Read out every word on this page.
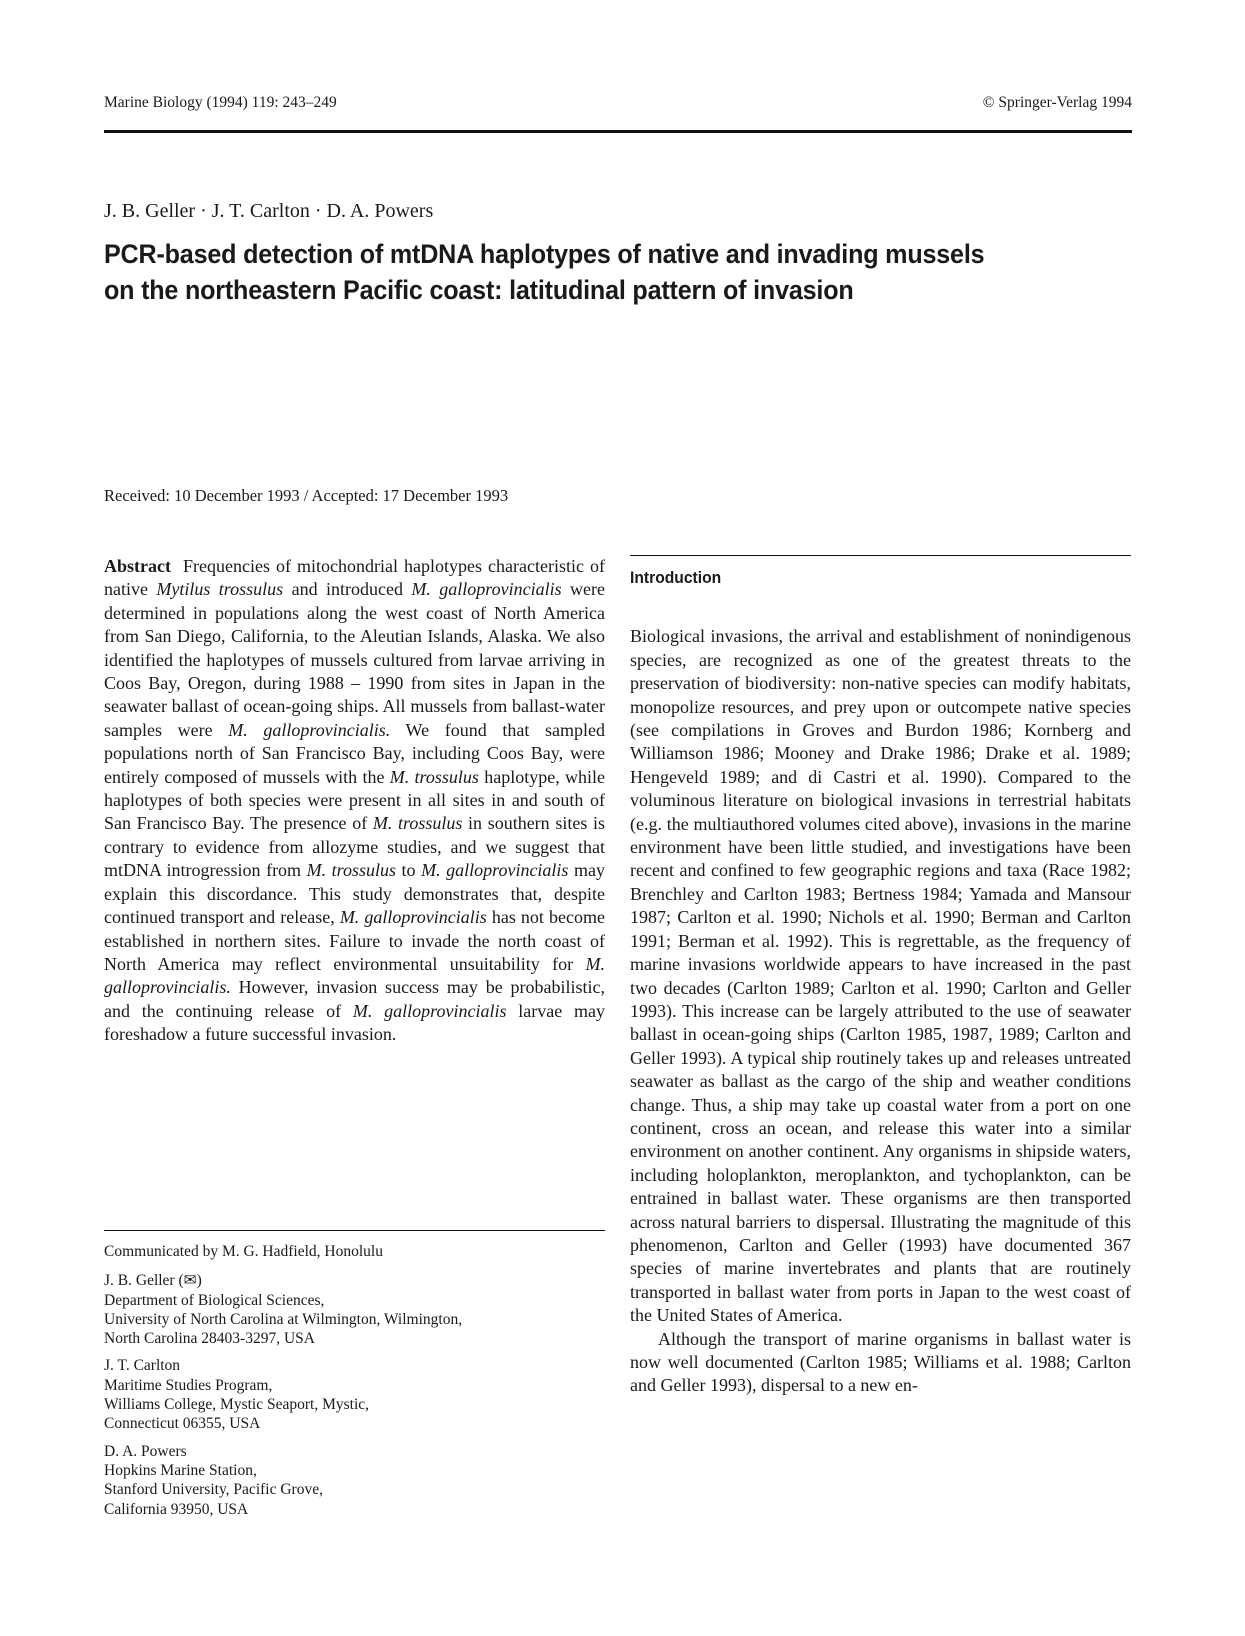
Marine Biology (1994) 119: 243–249	© Springer-Verlag 1994
J. B. Geller · J. T. Carlton · D. A. Powers
PCR-based detection of mtDNA haplotypes of native and invading mussels
on the northeastern Pacific coast: latitudinal pattern of invasion
Received: 10 December 1993 / Accepted: 17 December 1993

Abstract Frequencies of mitochondrial haplotypes characteristic of native Mytilus trossulus and introduced M. galloprovincialis were determined in populations along the west coast of North America from San Diego, California, to the Aleutian Islands, Alaska. We also identified the haplotypes of mussels cultured from larvae arriving in Coos Bay, Oregon, during 1988 – 1990 from sites in Japan in the seawater ballast of ocean-going ships. All mussels from ballast-water samples were M. galloprovincialis. We found that sampled populations north of San Francisco Bay, including Coos Bay, were entirely composed of mussels with the M. trossulus haplotype, while haplotypes of both species were present in all sites in and south of San Francisco Bay. The presence of M. trossulus in southern sites is contrary to evidence from allozyme studies, and we suggest that mtDNA introgression from M. trossulus to M. galloprovincialis may explain this discordance. This study demonstrates that, despite continued transport and release, M. galloprovincialis has not become established in northern sites. Failure to invade the north coast of North America may reflect environmental unsuitability for M. galloprovincialis. However, invasion success may be probabilistic, and the continuing release of M. galloprovincialis larvae may foreshadow a future successful invasion.

Communicated by M. G. Hadfield, Honolulu

J. B. Geller (✉)
Department of Biological Sciences,
University of North Carolina at Wilmington, Wilmington,
North Carolina 28403-3297, USA

J. T. Carlton
Maritime Studies Program,
Williams College, Mystic Seaport, Mystic,
Connecticut 06355, USA

D. A. Powers
Hopkins Marine Station,
Stanford University, Pacific Grove,
California 93950, USA

Introduction

Biological invasions, the arrival and establishment of nonindigenous species, are recognized as one of the greatest threats to the preservation of biodiversity: non-native species can modify habitats, monopolize resources, and prey upon or outcompete native species (see compilations in Groves and Burdon 1986; Kornberg and Williamson 1986; Mooney and Drake 1986; Drake et al. 1989; Hengeveld 1989; and di Castri et al. 1990). Compared to the voluminous literature on biological invasions in terrestrial habitats (e.g. the multiauthored volumes cited above), invasions in the marine environment have been little studied, and investigations have been recent and confined to few geographic regions and taxa (Race 1982; Brenchley and Carlton 1983; Bertness 1984; Yamada and Mansour 1987; Carlton et al. 1990; Nichols et al. 1990; Berman and Carlton 1991; Berman et al. 1992). This is regrettable, as the frequency of marine invasions worldwide appears to have increased in the past two decades (Carlton 1989; Carlton et al. 1990; Carlton and Geller 1993). This increase can be largely attributed to the use of seawater ballast in ocean-going ships (Carlton 1985, 1987, 1989; Carlton and Geller 1993). A typical ship routinely takes up and releases untreated seawater as ballast as the cargo of the ship and weather conditions change. Thus, a ship may take up coastal water from a port on one continent, cross an ocean, and release this water into a similar environment on another continent. Any organisms in shipside waters, including holoplankton, meroplankton, and tychoplankton, can be entrained in ballast water. These organisms are then transported across natural barriers to dispersal. Illustrating the magnitude of this phenomenon, Carlton and Geller (1993) have documented 367 species of marine invertebrates and plants that are routinely transported in ballast water from ports in Japan to the west coast of the United States of America.

Although the transport of marine organisms in ballast water is now well documented (Carlton 1985; Williams et al. 1988; Carlton and Geller 1993), dispersal to a new en-
